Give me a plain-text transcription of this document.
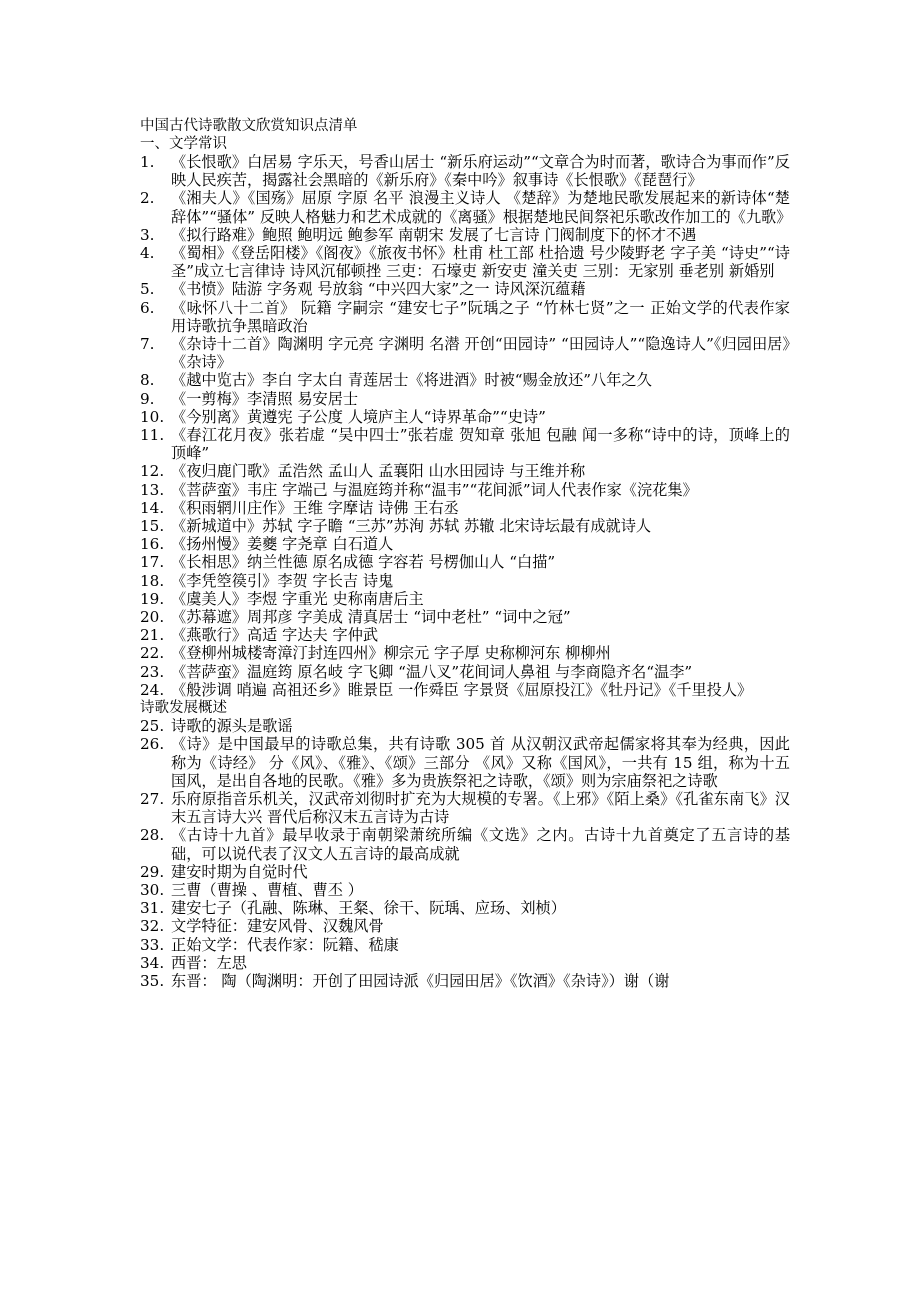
中国古代诗歌散文欣赏知识点清单
一、文学常识
1. 《长恨歌》白居易 字乐天，号香山居士 “新乐府运动”“文章合为时而著，歌诗合为事而作”反映人民疾苦，揭露社会黑暗的《新乐府》《秦中吟》叙事诗《长恨歌》《琵琶行》
2. 《湘夫人》《国殇》屈原 字原 名平 浪漫主义诗人 《楚辞》为楚地民歌发展起来的新诗体“楚辞体”“骚体” 反映人格魅力和艺术成就的《离骚》根据楚地民间祭祀乐歌改作加工的《九歌》
3. 《拟行路难》鲍照 鲍明远 鲍参军 南朝宋 发展了七言诗 门阀制度下的怀才不遇
4. 《蜀相》《登岳阳楼》《阁夜》《旅夜书怀》杜甫 杜工部 杜拾遗 号少陵野老 字子美 “诗史”“诗圣”成立七言律诗 诗风沉郁顿挫 三吏：石壕吏 新安吏 潼关吏 三别：无家别 垂老别 新婚别
5. 《书愤》陆游 字务观 号放翁 “中兴四大家”之一 诗风深沉蕴藉
6. 《咏怀八十二首》 阮籍 字嗣宗 “建安七子”阮瑀之子 “竹林七贤”之一 正始文学的代表作家 用诗歌抗争黑暗政治
7. 《杂诗十二首》陶渊明 字元亮 字渊明 名潜 开创“田园诗” “田园诗人”“隐逸诗人”《归园田居》《杂诗》
8. 《越中览古》李白 字太白 青莲居士《将进酒》时被“赐金放还”八年之久
9. 《一剪梅》李清照 易安居士
10. 《今别离》黄遵宪 子公度 人境庐主人“诗界革命”“史诗”
11. 《春江花月夜》张若虚 “吴中四士”张若虚 贺知章 张旭 包融 闻一多称“诗中的诗，顶峰上的顶峰”
12. 《夜归鹿门歌》孟浩然 孟山人 孟襄阳 山水田园诗 与王维并称
13. 《菩萨蛮》韦庄 字端己 与温庭筠并称“温韦”“花间派”词人代表作家《浣花集》
14. 《积雨辋川庄作》王维 字摩诘 诗佛 王右丞
15. 《新城道中》苏轼 字子瞻 “三苏”苏洵 苏轼 苏辙 北宋诗坛最有成就诗人
16. 《扬州慢》姜夔 字尧章 白石道人
17. 《长相思》纳兰性德 原名成德 字容若 号楞伽山人 “白描”
18. 《李凭箜篌引》李贺 字长吉 诗鬼
19. 《虞美人》李煜 字重光 史称南唐后主
20. 《苏幕遮》周邦彦 字美成 清真居士 “词中老杜” “词中之冠”
21. 《燕歌行》高适 字达夫 字仲武
22. 《登柳州城楼寄漳汀封连四州》柳宗元 字子厚 史称柳河东 柳柳州
23. 《菩萨蛮》温庭筠 原名岐 字飞卿 “温八叉”花间词人鼻祖 与李商隐齐名“温李”
24. 《般涉调 哨遍 高祖还乡》睢景臣 一作舜臣 字景贤《屈原投江》《牡丹记》《千里投人》
诗歌发展概述
25. 诗歌的源头是歌谣
26. 《诗》是中国最早的诗歌总集，共有诗歌 305 首 从汉朝汉武帝起儒家将其奉为经典，因此称为《诗经》 分《风》、《雅》、《颂》三部分 《风》又称《国风》，一共有 15 组，称为十五国风，是出自各地的民歌。《雅》多为贵族祭祀之诗歌，《颂》则为宗庙祭祀之诗歌
27. 乐府原指音乐机关，汉武帝刘彻时扩充为大规模的专署。《上邪》《陌上桑》《孔雀东南飞》汉末五言诗大兴 晋代后称汉末五言诗为古诗
28. 《古诗十九首》最早收录于南朝梁萧统所编《文选》之内。古诗十九首奠定了五言诗的基础，可以说代表了汉文人五言诗的最高成就
29. 建安时期为自觉时代
30. 三曹（曹操 、曹植、曹丕 ）
31. 建安七子（孔融、陈琳、王粲、徐干、阮瑀、应玚、刘桢）
32. 文学特征：建安风骨、汉魏风骨
33. 正始文学：代表作家：阮籍、嵇康
34. 西晋：左思
35. 东晋： 陶（陶渊明：开创了田园诗派《归园田居》《饮酒》《杂诗》）谢（谢
